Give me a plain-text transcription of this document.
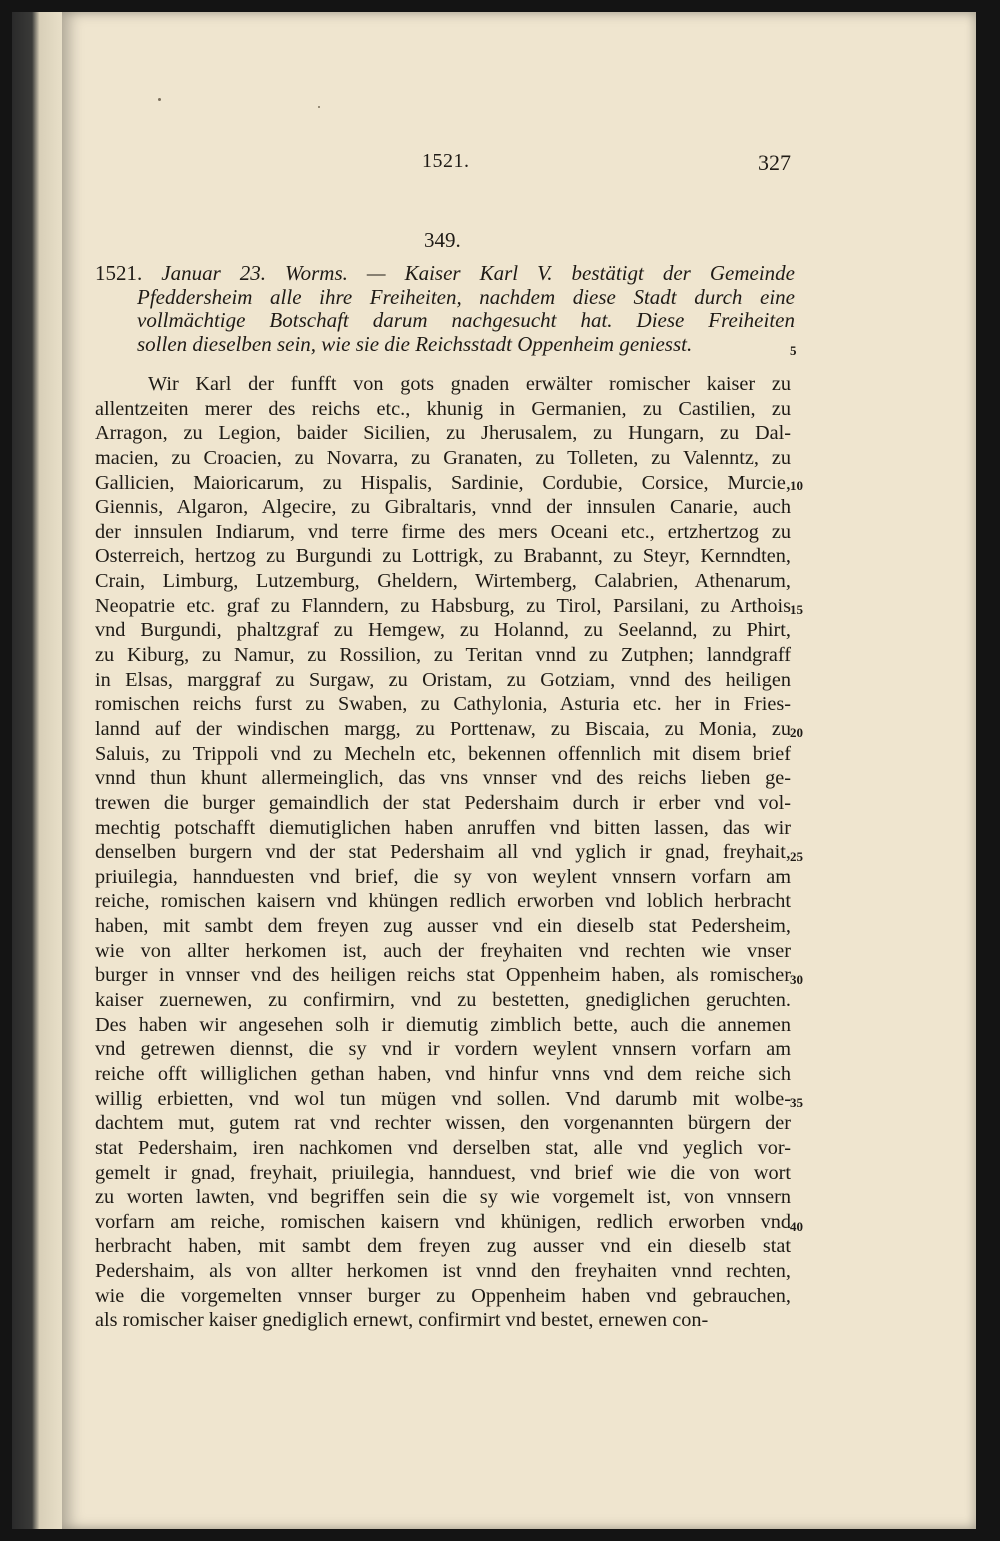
1521.	327
349.
1521. Januar 23. Worms. — Kaiser Karl V. bestätigt der Gemeinde
Pfeddersheim alle ihre Freiheiten, nachdem diese Stadt durch eine
vollmächtige Botschaft darum nachgesucht hat. Diese Freiheiten
sollen dieselben sein, wie sie die Reichsstadt Oppenheim geniesst.
Wir Karl der funfft von gots gnaden erwälter romischer kaiser zu
allentzeiten merer des reichs etc., khunig in Germanien, zu Castilien, zu
Arragon, zu Legion, baider Sicilien, zu Jherusalem, zu Hungarn, zu Dal-
macien, zu Croacien, zu Novarra, zu Granaten, zu Tolleten, zu Valenntz, zu
Gallicien, Maioricarum, zu Hispalis, Sardinie, Cordubie, Corsice, Murcie,
Giennis, Algaron, Algecire, zu Gibraltaris, vnnd der innsulen Canarie, auch
der innsulen Indiarum, vnd terre firme des mers Oceani etc., ertzhertzog zu
Osterreich, hertzog zu Burgundi zu Lottrigk, zu Brabannt, zu Steyr, Kernndten,
Crain, Limburg, Lutzemburg, Gheldern, Wirtemberg, Calabrien, Athenarum,
Neopatrie etc. graf zu Flanndern, zu Habsburg, zu Tirol, Parsilani, zu Arthois
vnd Burgundi, phaltzgraf zu Hemgew, zu Holannd, zu Seelannd, zu Phirt,
zu Kiburg, zu Namur, zu Rossilion, zu Teritan vnnd zu Zutphen; lanndgraff
in Elsas, marggraf zu Surgaw, zu Oristam, zu Gotziam, vnnd des heiligen
romischen reichs furst zu Swaben, zu Cathylonia, Asturia etc. her in Fries-
lannd auf der windischen margg, zu Porttenaw, zu Biscaia, zu Monia, zu
Saluis, zu Trippoli vnd zu Mecheln etc, bekennen offennlich mit disem brief
vnnd thun khunt allermeinglich, das vns vnnser vnd des reichs lieben ge-
trewen die burger gemaindlich der stat Pedershaim durch ir erber vnd vol-
mechtig potschafft diemutiglichen haben anruffen vnd bitten lassen, das wir
denselben burgern vnd der stat Pedershaim all vnd yglich ir gnad, freyhait,
priuilegia, hannduesten vnd brief, die sy von weylent vnnsern vorfarn am
reiche, romischen kaisern vnd khüngen redlich erworben vnd loblich herbracht
haben, mit sambt dem freyen zug ausser vnd ein dieselb stat Pedersheim,
wie von allter herkomen ist, auch der freyhaiten vnd rechten wie vnser
burger in vnnser vnd des heiligen reichs stat Oppenheim haben, als romischer
kaiser zuernewen, zu confirmirn, vnd zu bestetten, gnediglichen geruchten.
Des haben wir angesehen solh ir diemutig zimblich bette, auch die annemen
vnd getrewen diennst, die sy vnd ir vordern weylent vnnsern vorfarn am
reiche offt williglichen gethan haben, vnd hinfur vnns vnd dem reiche sich
willig erbietten, vnd wol tun mügen vnd sollen. Vnd darumb mit wolbe-
dachtem mut, gutem rat vnd rechter wissen, den vorgenannten bürgern der
stat Pedershaim, iren nachkomen vnd derselben stat, alle vnd yeglich vor-
gemelt ir gnad, freyhait, priuilegia, hannduest, vnd brief wie die von wort
zu worten lawten, vnd begriffen sein die sy wie vorgemelt ist, von vnnsern
vorfarn am reiche, romischen kaisern vnd khünigen, redlich erworben vnd
herbracht haben, mit sambt dem freyen zug ausser vnd ein dieselb stat
Pedershaim, als von allter herkomen ist vnnd den freyhaiten vnnd rechten,
wie die vorgemelten vnnser burger zu Oppenheim haben vnd gebrauchen,
als romischer kaiser gnediglich ernewt, confirmirt vnd bestet, ernewen con-
5
10
15
20
25
30
35
40
